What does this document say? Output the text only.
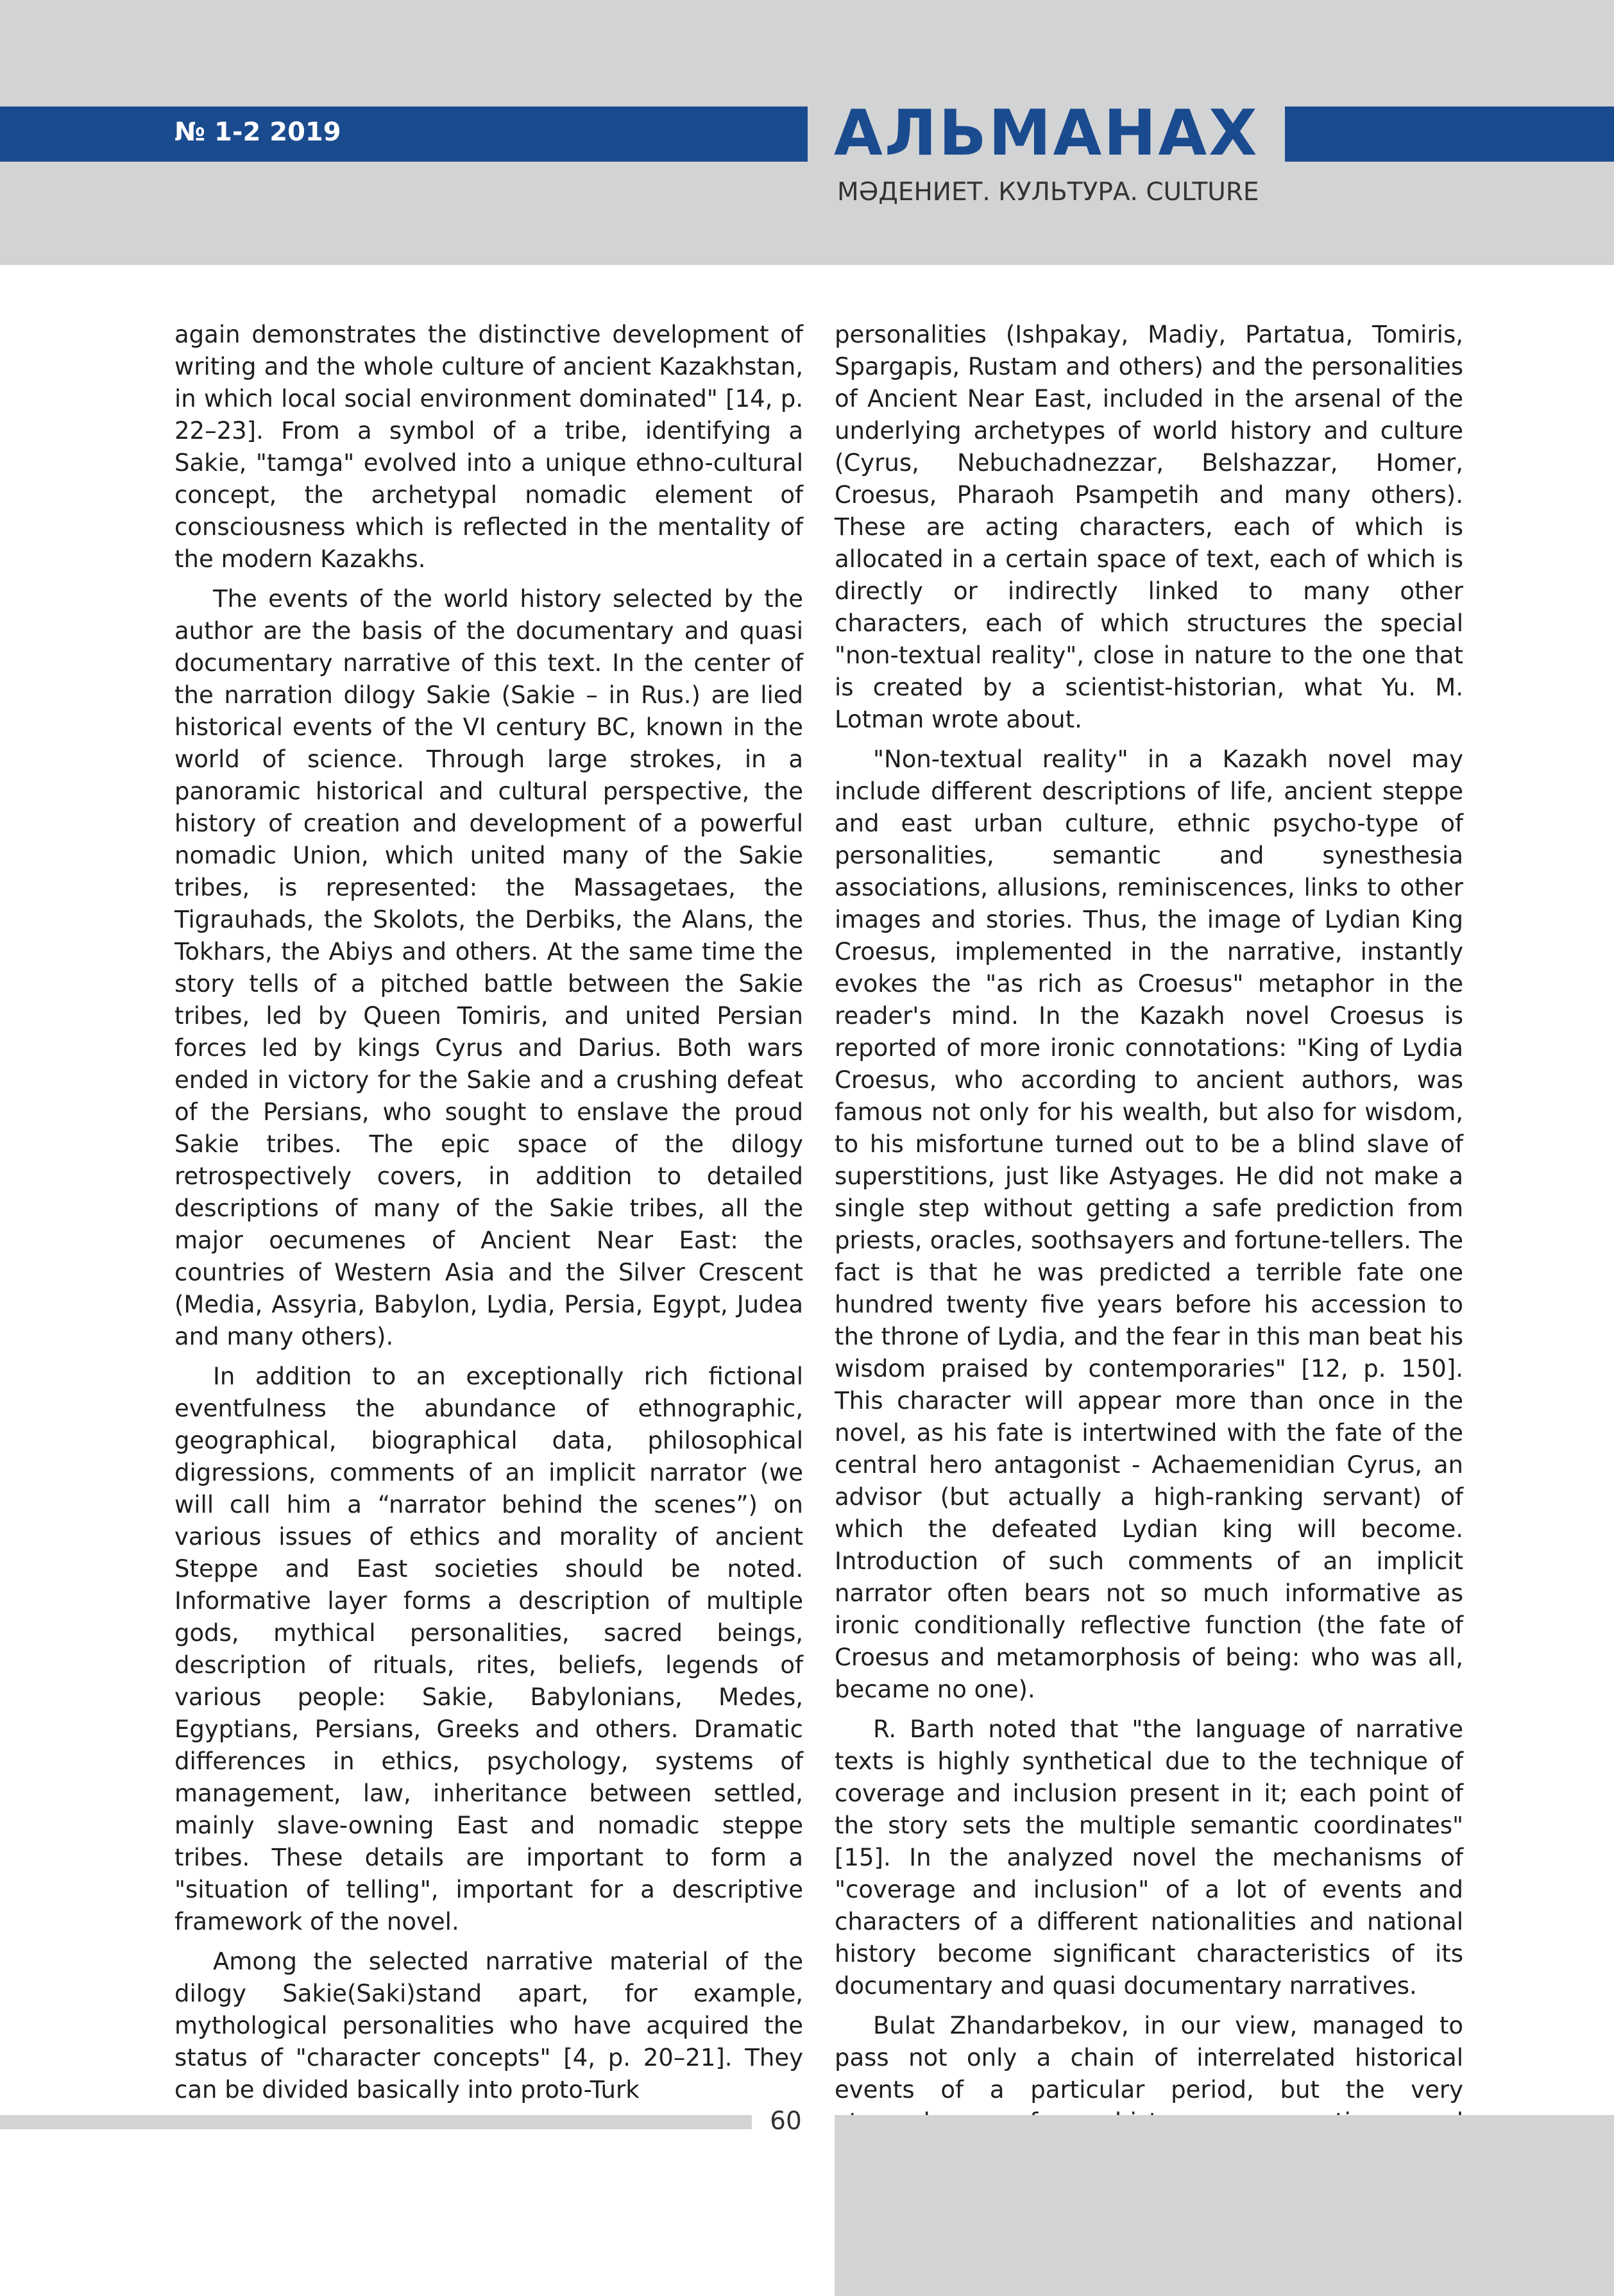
№ 1-2 2019	АЛЬМАНАХ
МӘДЕНИЕТ. КУЛЬТУРА. CULTURE

again demonstrates the distinctive development of writing and the whole culture of ancient Kazakhstan, in which local social environment dominated" [14, p. 22–23]. From a symbol of a tribe, identifying a Sakie, "tamga" evolved into a unique ethno-cultural concept, the archetypal nomadic element of consciousness which is reflected in the mentality of the modern Kazakhs.

The events of the world history selected by the author are the basis of the documentary and quasi documentary narrative of this text. In the center of the narration dilogy Sakie (Sakie – in Rus.) are lied historical events of the VI century BC, known in the world of science. Through large strokes, in a panoramic historical and cultural perspective, the history of creation and development of a powerful nomadic Union, which united many of the Sakie tribes, is represented: the Massagetaes, the Tigrauhads, the Skolots, the Derbiks, the Alans, the Tokhars, the Abiys and others. At the same time the story tells of a pitched battle between the Sakie tribes, led by Queen Tomiris, and united Persian forces led by kings Cyrus and Darius. Both wars ended in victory for the Sakie and a crushing defeat of the Persians, who sought to enslave the proud Sakie tribes. The epic space of the dilogy retrospectively covers, in addition to detailed descriptions of many of the Sakie tribes, all the major oecumenes of Ancient Near East: the countries of Western Asia and the Silver Crescent (Media, Assyria, Babylon, Lydia, Persia, Egypt, Judea and many others).

In addition to an exceptionally rich fictional eventfulness the abundance of ethnographic, geographical, biographical data, philosophical digressions, comments of an implicit narrator (we will call him a “narrator behind the scenes”) on various issues of ethics and morality of ancient Steppe and East societies should be noted. Informative layer forms a description of multiple gods, mythical personalities, sacred beings, description of rituals, rites, beliefs, legends of various people: Sakie, Babylonians, Medes, Egyptians, Persians, Greeks and others. Dramatic differences in ethics, psychology, systems of management, law, inheritance between settled, mainly slave-owning East and nomadic steppe tribes. These details are important to form a "situation of telling", important for a descriptive framework of the novel.

Among the selected narrative material of the dilogy Sakie(Saki)stand apart, for example, mythological personalities who have acquired the status of "character concepts" [4, p. 20–21]. They can be divided basically into proto-Turk

personalities (Ishpakay, Madiy, Partatua, Tomiris, Spargapis, Rustam and others) and the personalities of Ancient Near East, included in the arsenal of the underlying archetypes of world history and culture (Cyrus, Nebuchadnezzar, Belshazzar, Homer, Croesus, Pharaoh Psampetih and many others). These are acting characters, each of which is allocated in a certain space of text, each of which is directly or indirectly linked to many other characters, each of which structures the special "non-textual reality", close in nature to the one that is created by a scientist-historian, what Yu. M. Lotman wrote about.

"Non-textual reality" in a Kazakh novel may include different descriptions of life, ancient steppe and east urban culture, ethnic psycho-type of personalities, semantic and synesthesia associations, allusions, reminiscences, links to other images and stories. Thus, the image of Lydian King Croesus, implemented in the narrative, instantly evokes the "as rich as Croesus" metaphor in the reader's mind. In the Kazakh novel Croesus is reported of more ironic connotations: "King of Lydia Croesus, who according to ancient authors, was famous not only for his wealth, but also for wisdom, to his misfortune turned out to be a blind slave of superstitions, just like Astyages. He did not make a single step without getting a safe prediction from priests, oracles, soothsayers and fortune-tellers. The fact is that he was predicted a terrible fate one hundred twenty five years before his accession to the throne of Lydia, and the fear in this man beat his wisdom praised by contemporaries" [12, p. 150]. This character will appear more than once in the novel, as his fate is intertwined with the fate of the central hero antagonist - Achaemenidian Cyrus, an advisor (but actually a high-ranking servant) of which the defeated Lydian king will become. Introduction of such comments of an implicit narrator often bears not so much informative as ironic conditionally reflective function (the fate of Croesus and metamorphosis of being: who was all, became no one).

R. Barth noted that "the language of narrative texts is highly synthetical due to the technique of coverage and inclusion present in it; each point of the story sets the multiple semantic coordinates" [15]. In the analyzed novel the mechanisms of "coverage and inclusion" of a lot of events and characters of a different nationalities and national history become significant characteristics of its documentary and quasi documentary narratives.

Bulat Zhandarbekov, in our view, managed to pass not only a chain of interrelated historical events of a particular period, but the very

60
